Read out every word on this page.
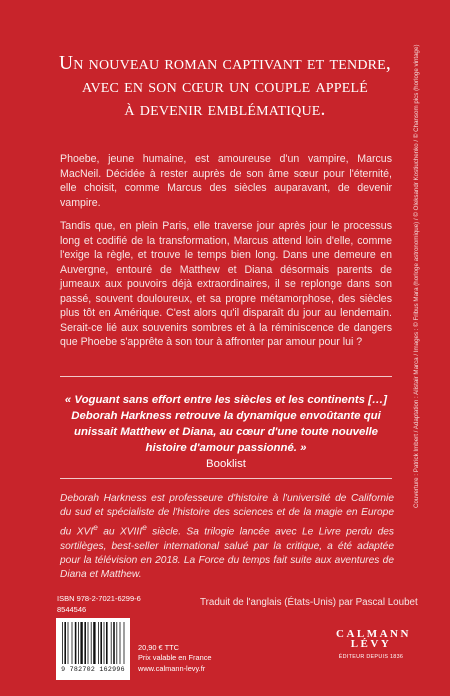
Un nouveau roman captivant et tendre,
avec en son cœur un couple appelé
à devenir emblématique.

Phoebe, jeune humaine, est amoureuse d'un vampire, Marcus MacNeil. Décidée à rester auprès de son âme sœur pour l'éternité, elle choisit, comme Marcus des siècles auparavant, de devenir vampire.

Tandis que, en plein Paris, elle traverse jour après jour le processus long et codifié de la transformation, Marcus attend loin d'elle, comme l'exige la règle, et trouve le temps bien long. Dans une demeure en Auvergne, entouré de Matthew et Diana désormais parents de jumeaux aux pouvoirs déjà extraordinaires, il se replonge dans son passé, souvent douloureux, et sa propre métamorphose, des siècles plus tôt en Amérique. C'est alors qu'il disparaît du jour au lendemain. Serait-ce lié aux souvenirs sombres et à la réminiscence de dangers que Phoebe s'apprête à son tour à affronter par amour pour lui ?

« Voguant sans effort entre les siècles et les continents […] Deborah Harkness retrouve la dynamique envoûtante qui unissait Matthew et Diana, au cœur d'une toute nouvelle histoire d'amour passionné. »
Booklist
Deborah Harkness est professeure d'histoire à l'université de Californie du sud et spécialiste de l'histoire des sciences et de la magie en Europe du XVIe au XVIIIe siècle. Sa trilogie lancée avec Le Livre perdu des sortilèges, best-seller international salué par la critique, a été adaptée pour la télévision en 2018. La Force du temps fait suite aux aventures de Diana et Matthew.
Couverture : Patrick Imbert / Adaptation : Alistair Marca / Images : © Fribus Mara (horloge astronomique) / © Oleksandr Kostiuchenko / © Chansom pics (horloge vintage)
ISBN 978-2-7021-6299-6
8544546
9 782702 162996
20,90 € TTC
Prix valable en France
www.calmann-levy.fr
Traduit de l'anglais (États-Unis) par Pascal Loubet
CALMANN
LÉVY
ÉDITEUR DEPUIS 1836
